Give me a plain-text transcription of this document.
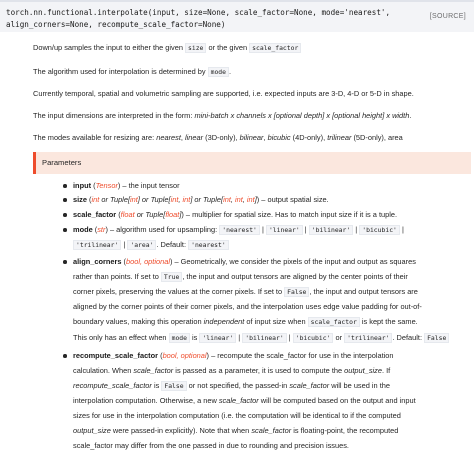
torch.nn.functional.interpolate(input, size=None, scale_factor=None, mode='nearest',
align_corners=None, recompute_scale_factor=None)
[SOURCE]
Down/up samples the input to either the given size or the given scale_factor
The algorithm used for interpolation is determined by mode .
Currently temporal, spatial and volumetric sampling are supported, i.e. expected inputs are 3-D, 4-D or 5-D in shape.
The input dimensions are interpreted in the form: mini-batch x channels x [optional depth] x [optional height] x width.
The modes available for resizing are: nearest, linear (3D-only), bilinear, bicubic (4D-only), trilinear (5D-only), area
Parameters
input (Tensor) – the input tensor
size (int or Tuple[int] or Tuple[int, int] or Tuple[int, int, int]) – output spatial size.
scale_factor (float or Tuple[float]) – multiplier for spatial size. Has to match input size if it is a tuple.
mode (str) – algorithm used for upsampling: 'nearest' | 'linear' | 'bilinear' | 'bicubic' |
'trilinear' | 'area' . Default: 'nearest'
align_corners (bool, optional) – Geometrically, we consider the pixels of the input and output as squares
rather than points. If set to True , the input and output tensors are aligned by the center points of their
corner pixels, preserving the values at the corner pixels. If set to False , the input and output tensors are
aligned by the corner points of their corner pixels, and the interpolation uses edge value padding for out-of-
boundary values, making this operation independent of input size when scale_factor is kept the same.
This only has an effect when mode is 'linear' | 'bilinear' | 'bicubic' or 'trilinear' . Default: False
recompute_scale_factor (bool, optional) – recompute the scale_factor for use in the interpolation
calculation. When scale_factor is passed as a parameter, it is used to compute the output_size. If
recompute_scale_factor is False or not specified, the passed-in scale_factor will be used in the
interpolation computation. Otherwise, a new scale_factor will be computed based on the output and input
sizes for use in the interpolation computation (i.e. the computation will be identical to if the computed
output_size were passed-in explicitly). Note that when scale_factor is floating-point, the recomputed
scale_factor may differ from the one passed in due to rounding and precision issues.
